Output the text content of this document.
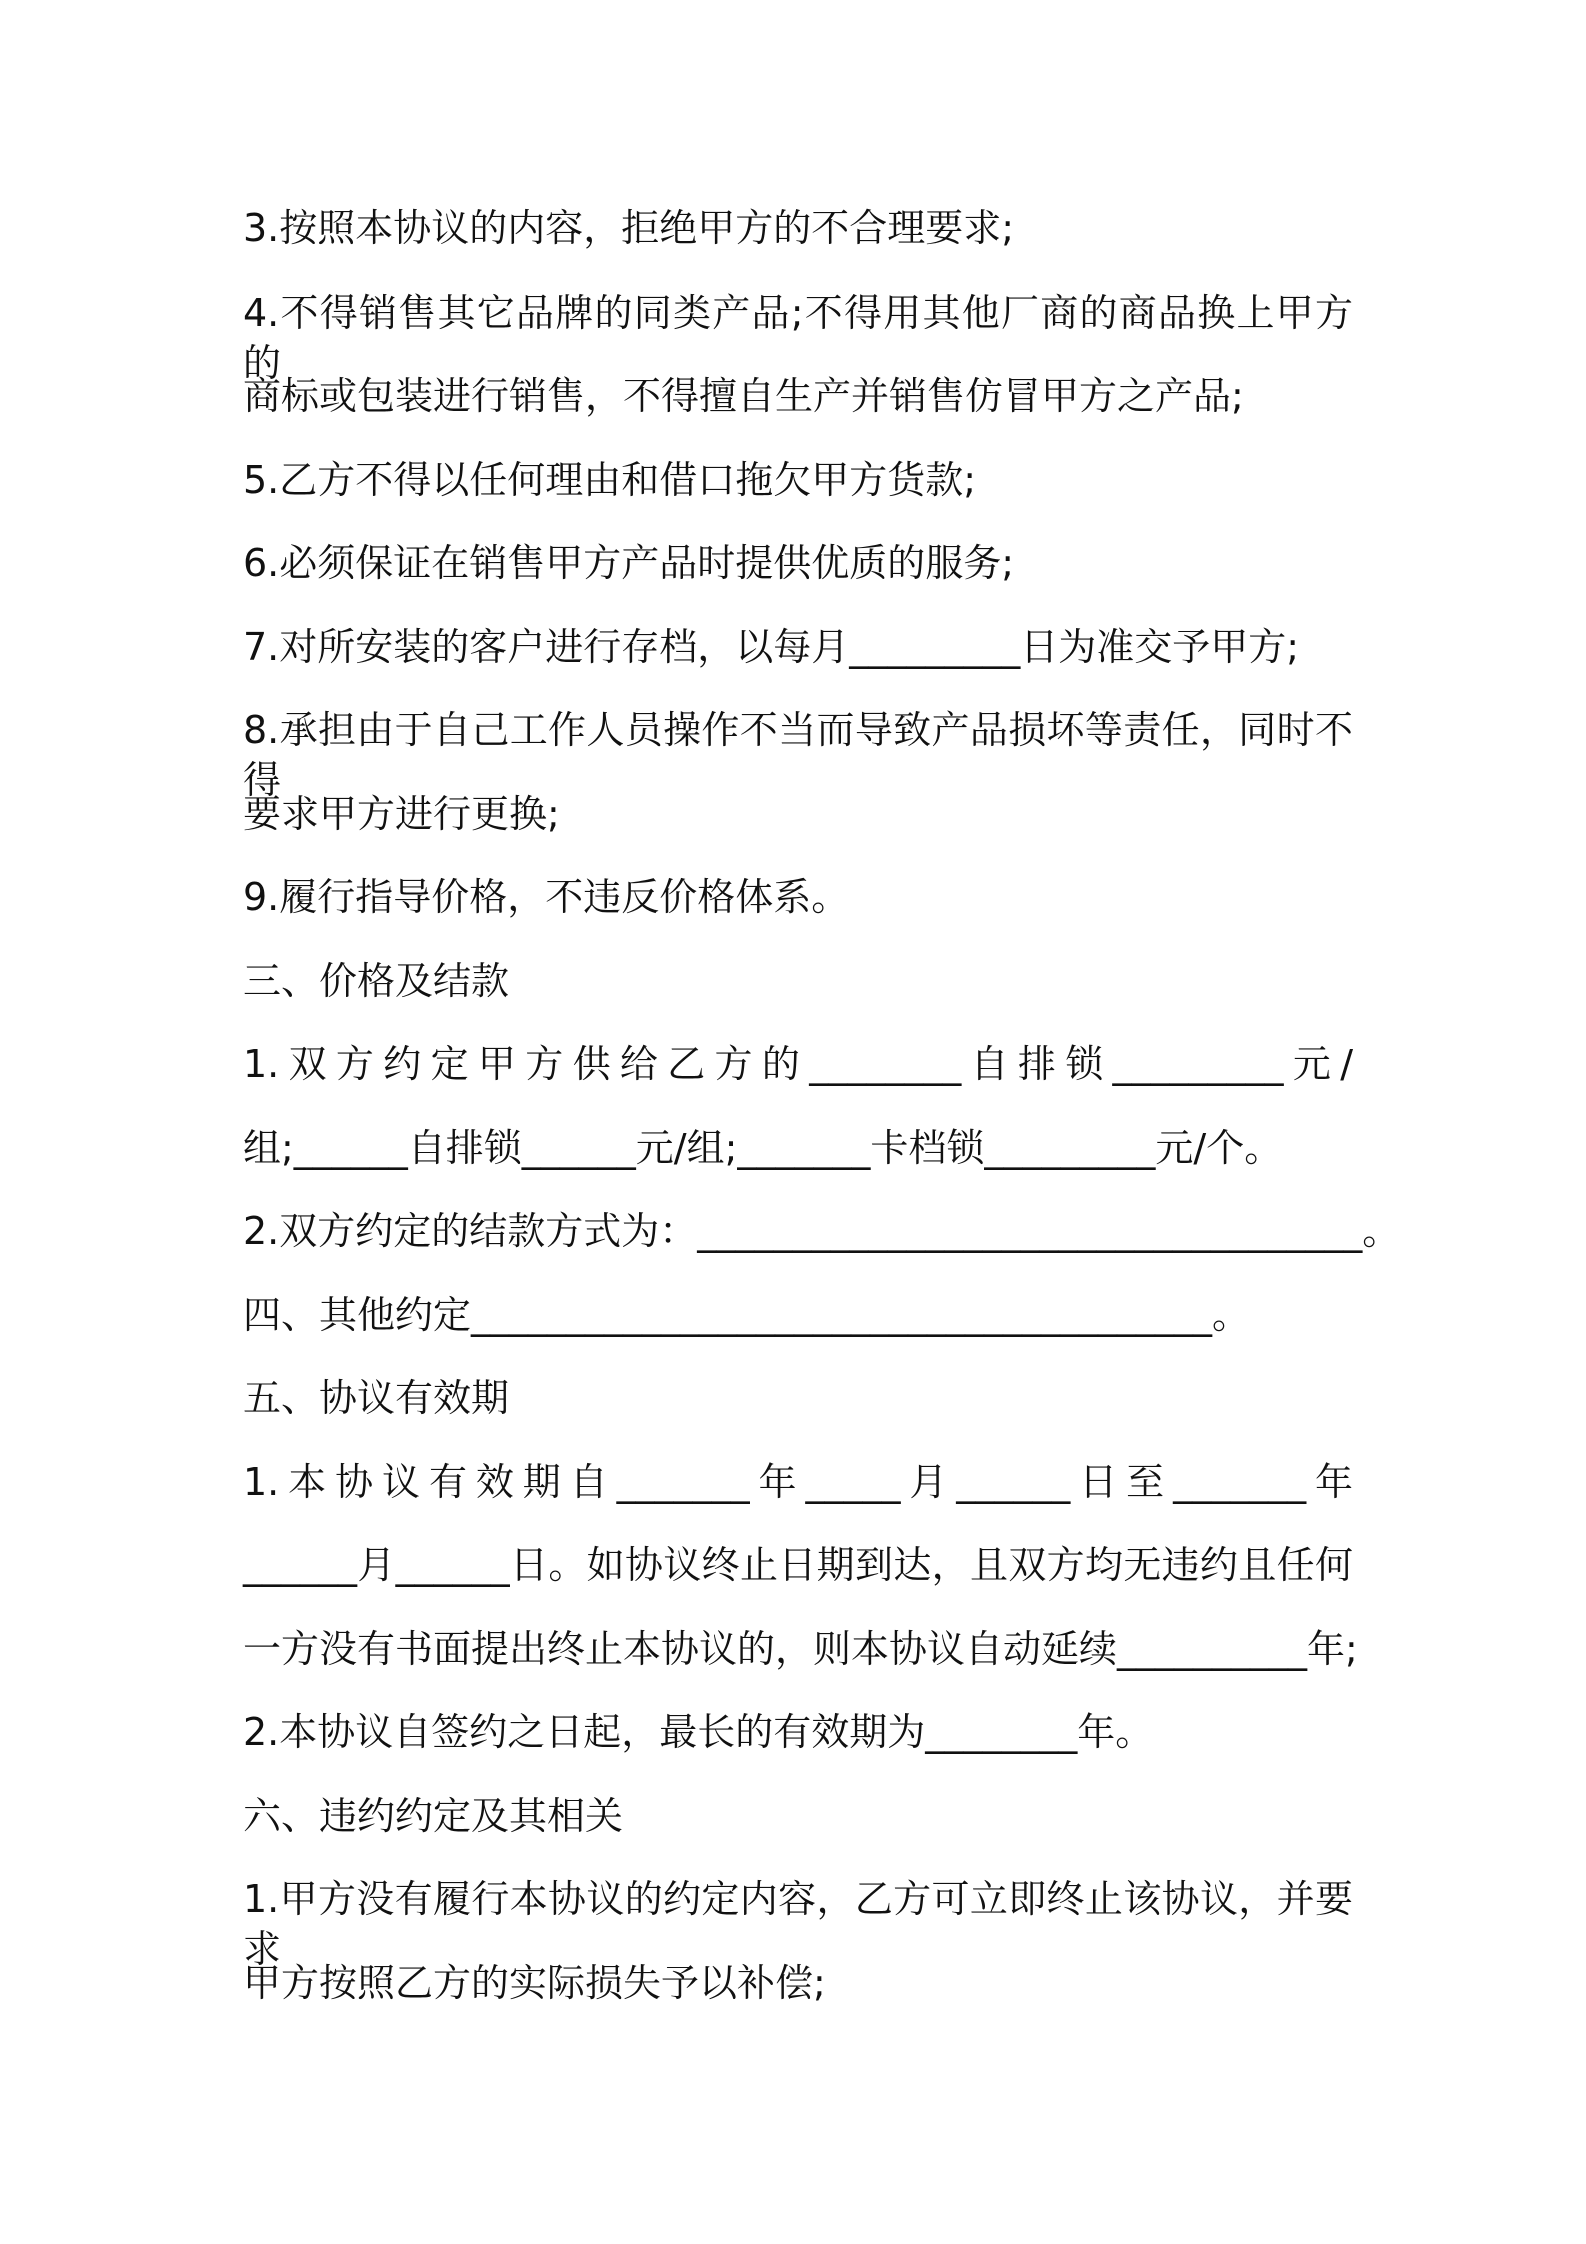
3.按照本协议的内容，拒绝甲方的不合理要求;
4.不得销售其它品牌的同类产品;不得用其他厂商的商品换上甲方的
商标或包装进行销售，不得擅自生产并销售仿冒甲方之产品;
5.乙方不得以任何理由和借口拖欠甲方货款;
6.必须保证在销售甲方产品时提供优质的服务;
7.对所安装的客户进行存档，以每月_________日为准交予甲方;
8.承担由于自己工作人员操作不当而导致产品损坏等责任，同时不得
要求甲方进行更换;
9.履行指导价格，不违反价格体系。
三、价格及结款
1.双方约定甲方供给乙方的________自排锁_________元/
组;______自排锁______元/组;_______卡档锁_________元/个。
2.双方约定的结款方式为：___________________________________。
四、其他约定_______________________________________。
五、协议有效期
1.本协议有效期自_______年_____月______日至_______年
______月______日。如协议终止日期到达，且双方均无违约且任何
一方没有书面提出终止本协议的，则本协议自动延续__________年;
2.本协议自签约之日起，最长的有效期为________年。
六、违约约定及其相关
1.甲方没有履行本协议的约定内容，乙方可立即终止该协议，并要求
甲方按照乙方的实际损失予以补偿;
